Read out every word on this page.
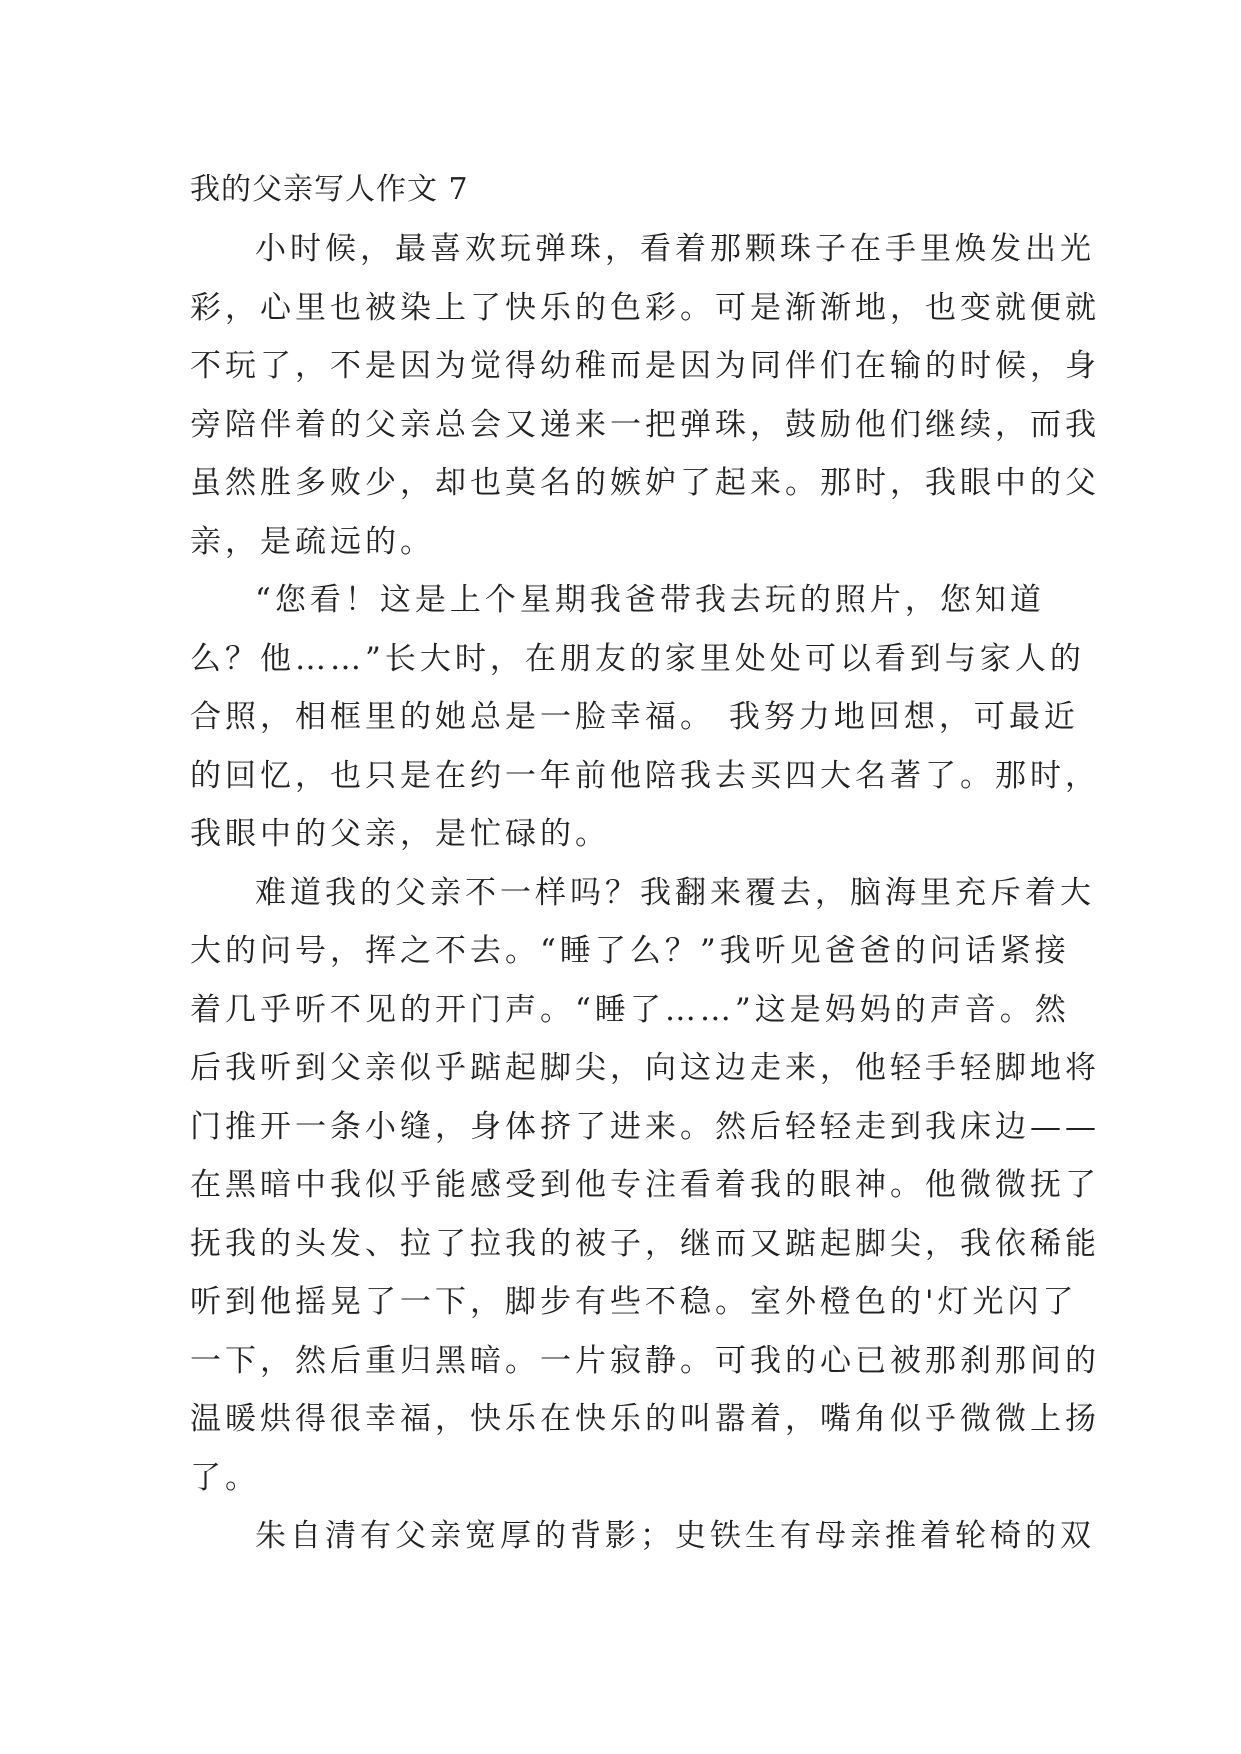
我的父亲写人作文 7
小时候，最喜欢玩弹珠，看着那颗珠子在手里焕发出光
彩，心里也被染上了快乐的色彩。可是渐渐地，也变就便就
不玩了，不是因为觉得幼稚而是因为同伴们在输的时候，身
旁陪伴着的父亲总会又递来一把弹珠，鼓励他们继续，而我
虽然胜多败少，却也莫名的嫉妒了起来。那时，我眼中的父
亲，是疏远的。
“您看！这是上个星期我爸带我去玩的照片，您知道
么？他……”长大时，在朋友的家里处处可以看到与家人的
合照，相框里的她总是一脸幸福。 我努力地回想，可最近
的回忆，也只是在约一年前他陪我去买四大名著了。那时，
我眼中的父亲，是忙碌的。
难道我的父亲不一样吗？我翻来覆去，脑海里充斥着大
大的问号，挥之不去。“睡了么？”我听见爸爸的问话紧接
着几乎听不见的开门声。“睡了……”这是妈妈的声音。然
后我听到父亲似乎踮起脚尖，向这边走来，他轻手轻脚地将
门推开一条小缝，身体挤了进来。然后轻轻走到我床边——
在黑暗中我似乎能感受到他专注看着我的眼神。他微微抚了
抚我的头发、拉了拉我的被子，继而又踮起脚尖，我依稀能
听到他摇晃了一下，脚步有些不稳。室外橙色的'灯光闪了
一下，然后重归黑暗。一片寂静。可我的心已被那刹那间的
温暖烘得很幸福，快乐在快乐的叫嚣着，嘴角似乎微微上扬
了。
朱自清有父亲宽厚的背影；史铁生有母亲推着轮椅的双
